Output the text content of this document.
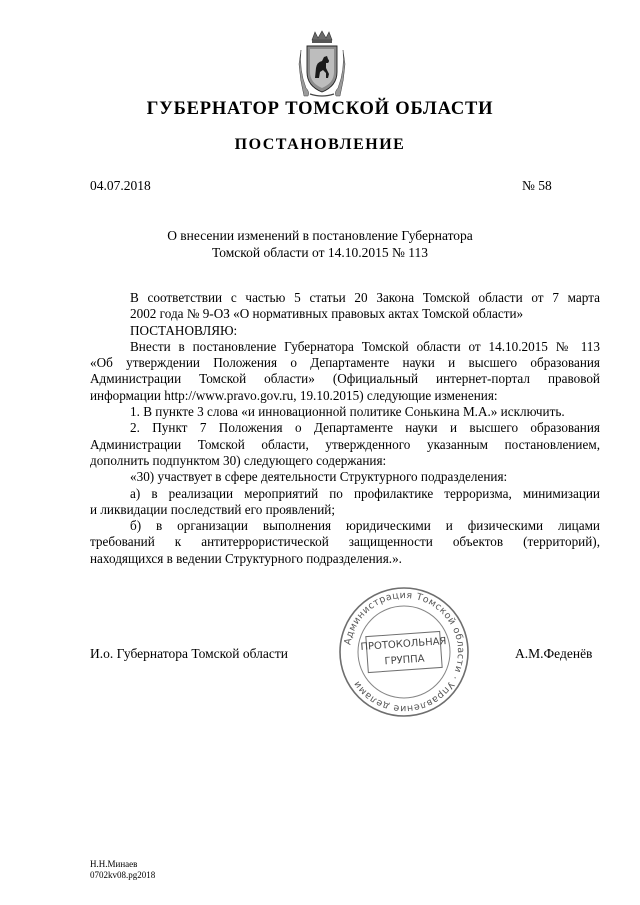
ГУБЕРНАТОР ТОМСКОЙ ОБЛАСТИ
ПОСТАНОВЛЕНИЕ
04.07.2018	№ 58
О внесении изменений в постановление Губернатора
Томской области от 14.10.2015 № 113

В соответствии с частью 5 статьи 20 Закона Томской области от 7 марта
2002 года № 9-ОЗ «О нормативных правовых актах Томской области»

ПОСТАНОВЛЯЮ:

Внести в постановление Губернатора Томской области от 14.10.2015 № 113
«Об утверждении Положения о Департаменте науки и высшего образования
Администрации Томской области» (Официальный интернет-портал правовой
информации http://www.pravo.gov.ru, 19.10.2015) следующие изменения:

1. В пункте 3 слова «и инновационной политике Сонькина М.А.» исключить.

2. Пункт 7 Положения о Департаменте науки и высшего образования
Администрации Томской области, утвержденного указанным постановлением,
дополнить подпунктом 30) следующего содержания:

«30) участвует в сфере деятельности Структурного подразделения:

а) в реализации мероприятий по профилактике терроризма, минимизации
и ликвидации последствий его проявлений;

б) в организации выполнения юридическими и физическими лицами
требований к антитеррористической защищенности объектов (территорий),
находящихся в ведении Структурного подразделения.».

Администрация Томской области · Управление делами
ПРОТОКОЛЬНАЯ
ГРУППА
И.о. Губернатора Томской области	А.М.Феденёв
Н.Н.Минаев
0702kv08.pg2018
